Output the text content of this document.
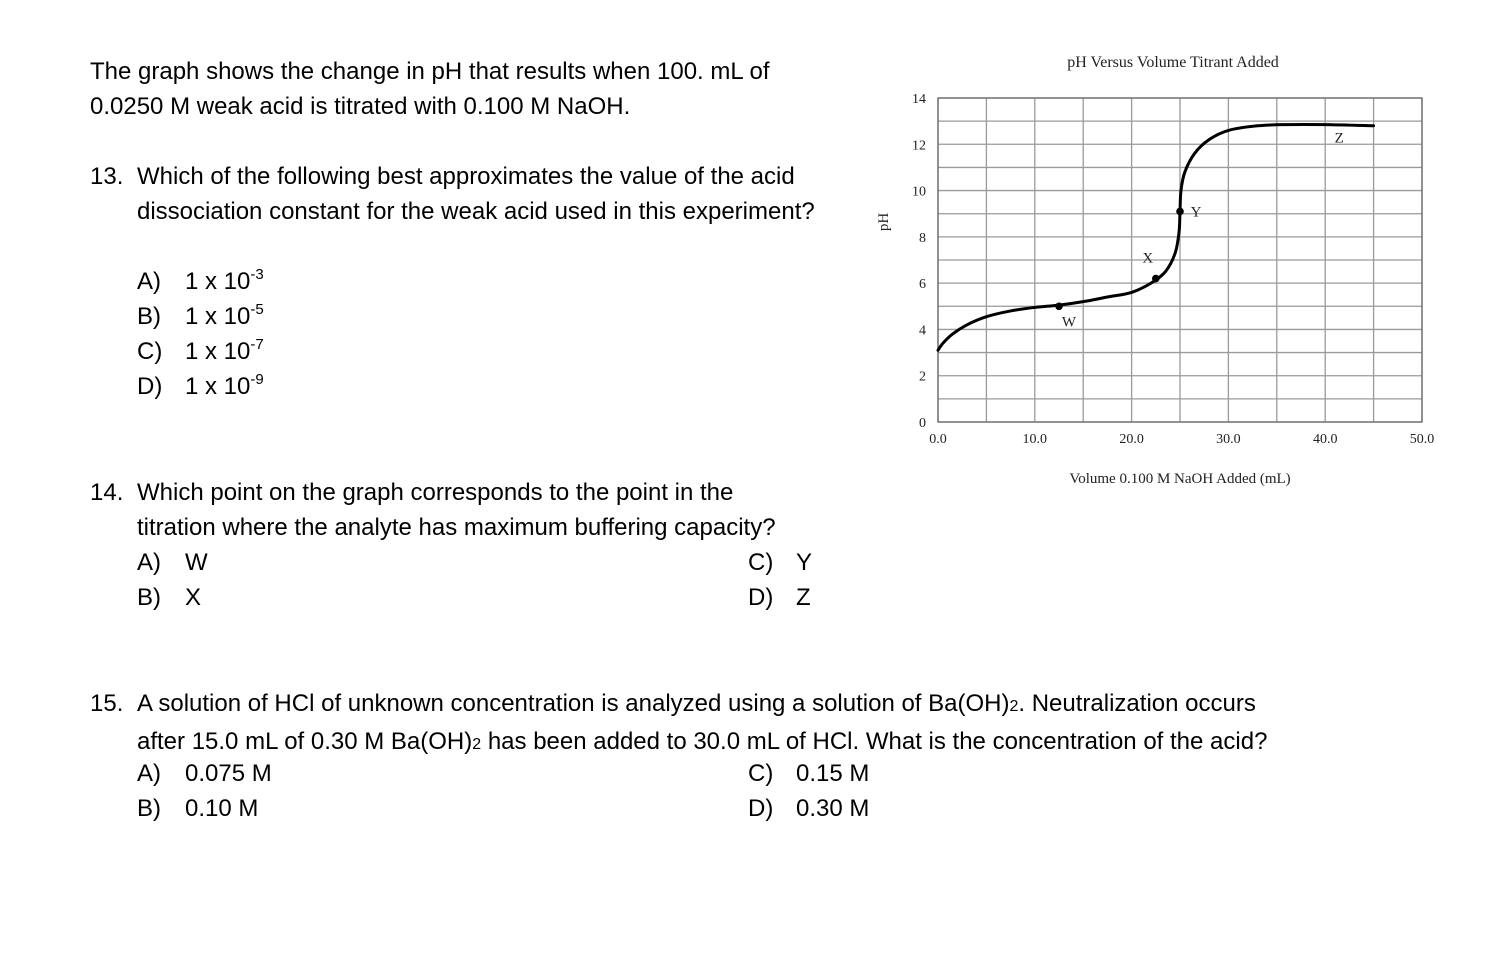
The graph shows the change in pH that results when 100. mL of
0.0250 M weak acid is titrated with 0.100 M NaOH.
13. Which of the following best approximates the value of the acid dissociation constant for the weak acid used in this experiment?
A) 1 x $10^{-3}$
B) 1 x $10^{-5}$
C) 1 x $10^{-7}$
D) 1 x $10^{-9}$
14. Which point on the graph corresponds to the point in the
titration where the analyte has maximum buffering capacity?
A) W
B) X
C) Y
D) Z
15. A solution of HCl of unknown concentration is analyzed using a solution of Ba(OH)2. Neutralization occurs
after 15.0 mL of 0.30 M Ba(OH)2 has been added to 30.0 mL of HCl. What is the concentration of the acid?
A) 0.075 M
B) 0.10 M
C) 0.15 M
D) 0.30 M
pH Versus Volume Titrant Added
pH
Volume 0.100 M NaOH Added (mL)
0
2
4
6
8
10
12
14
0.0	10.0	20.0	30.0	40.0	50.0
W
X
Y
Z
